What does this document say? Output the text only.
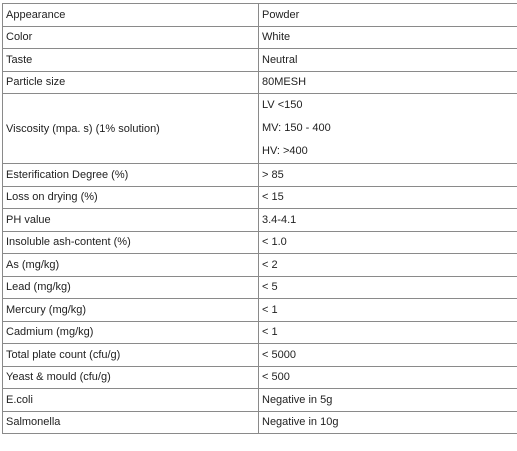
Appearance	Powder
Color	White
Taste	Neutral
Particle size	80MESH
Viscosity (mpa. s) (1% solution)	LV <150
MV: 150 - 400
HV: >400

Esterification Degree (%)	> 85
Loss on drying (%)	< 15
PH value	3.4-4.1
Insoluble ash-content (%)	< 1.0
As (mg/kg)	< 2
Lead (mg/kg)	< 5
Mercury (mg/kg)	< 1
Cadmium (mg/kg)	< 1
Total plate count (cfu/g)	< 5000
Yeast & mould (cfu/g)	< 500
E.coli	Negative in 5g
Salmonella	Negative in 10g
